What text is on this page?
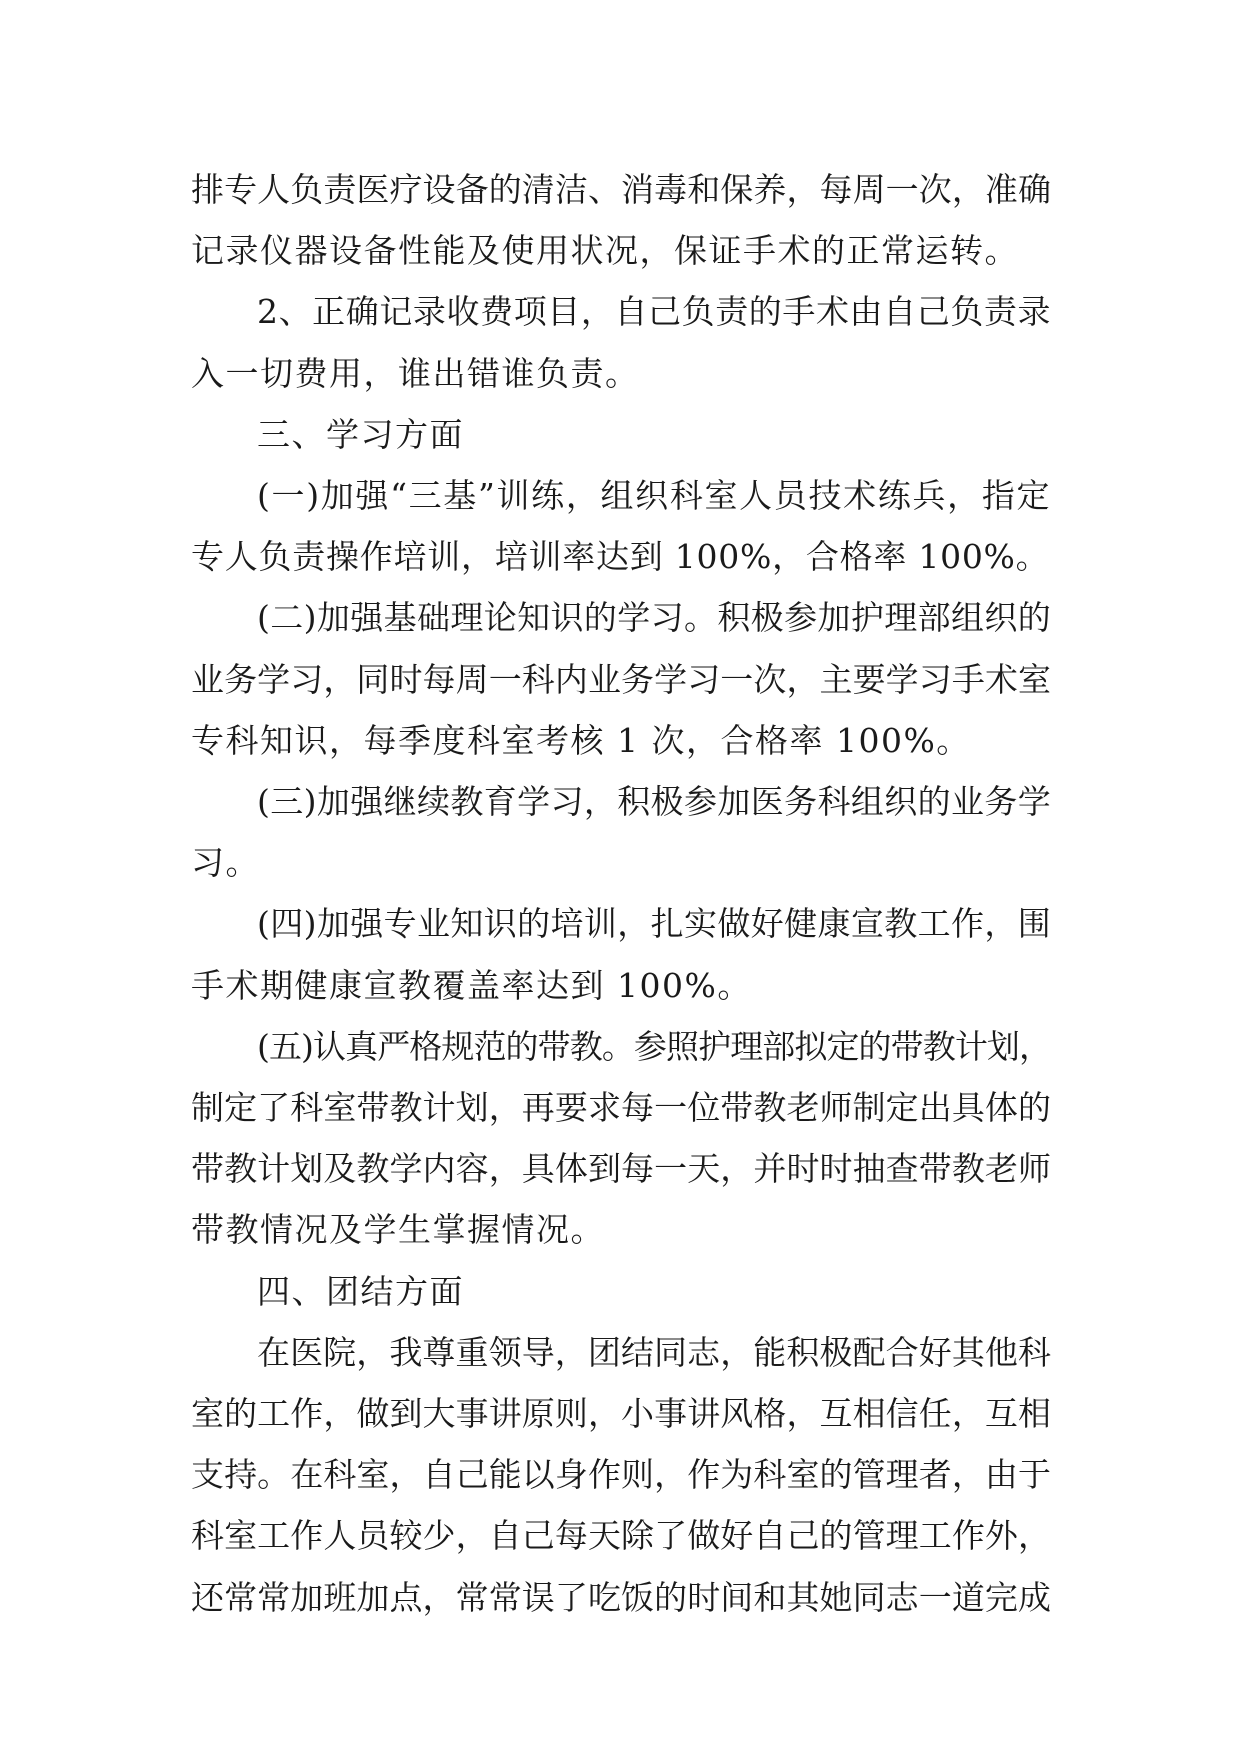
排专人负责医疗设备的清洁、消毒和保养，每周一次，准确
记录仪器设备性能及使用状况，保证手术的正常运转。
2、正确记录收费项目，自己负责的手术由自己负责录
入一切费用，谁出错谁负责。
三、学习方面
(一)加强“三基”训练，组织科室人员技术练兵，指定
专人负责操作培训，培训率达到 100%，合格率 100%。
(二)加强基础理论知识的学习。积极参加护理部组织的
业务学习，同时每周一科内业务学习一次，主要学习手术室
专科知识，每季度科室考核 1 次，合格率 100%。
(三)加强继续教育学习，积极参加医务科组织的业务学
习。
(四)加强专业知识的培训，扎实做好健康宣教工作，围
手术期健康宣教覆盖率达到 100%。
(五)认真严格规范的带教。参照护理部拟定的带教计划，
制定了科室带教计划，再要求每一位带教老师制定出具体的
带教计划及教学内容，具体到每一天，并时时抽查带教老师
带教情况及学生掌握情况。
四、团结方面
在医院，我尊重领导，团结同志，能积极配合好其他科
室的工作，做到大事讲原则，小事讲风格，互相信任，互相
支持。在科室，自己能以身作则，作为科室的管理者，由于
科室工作人员较少，自己每天除了做好自己的管理工作外，
还常常加班加点，常常误了吃饭的时间和其她同志一道完成
